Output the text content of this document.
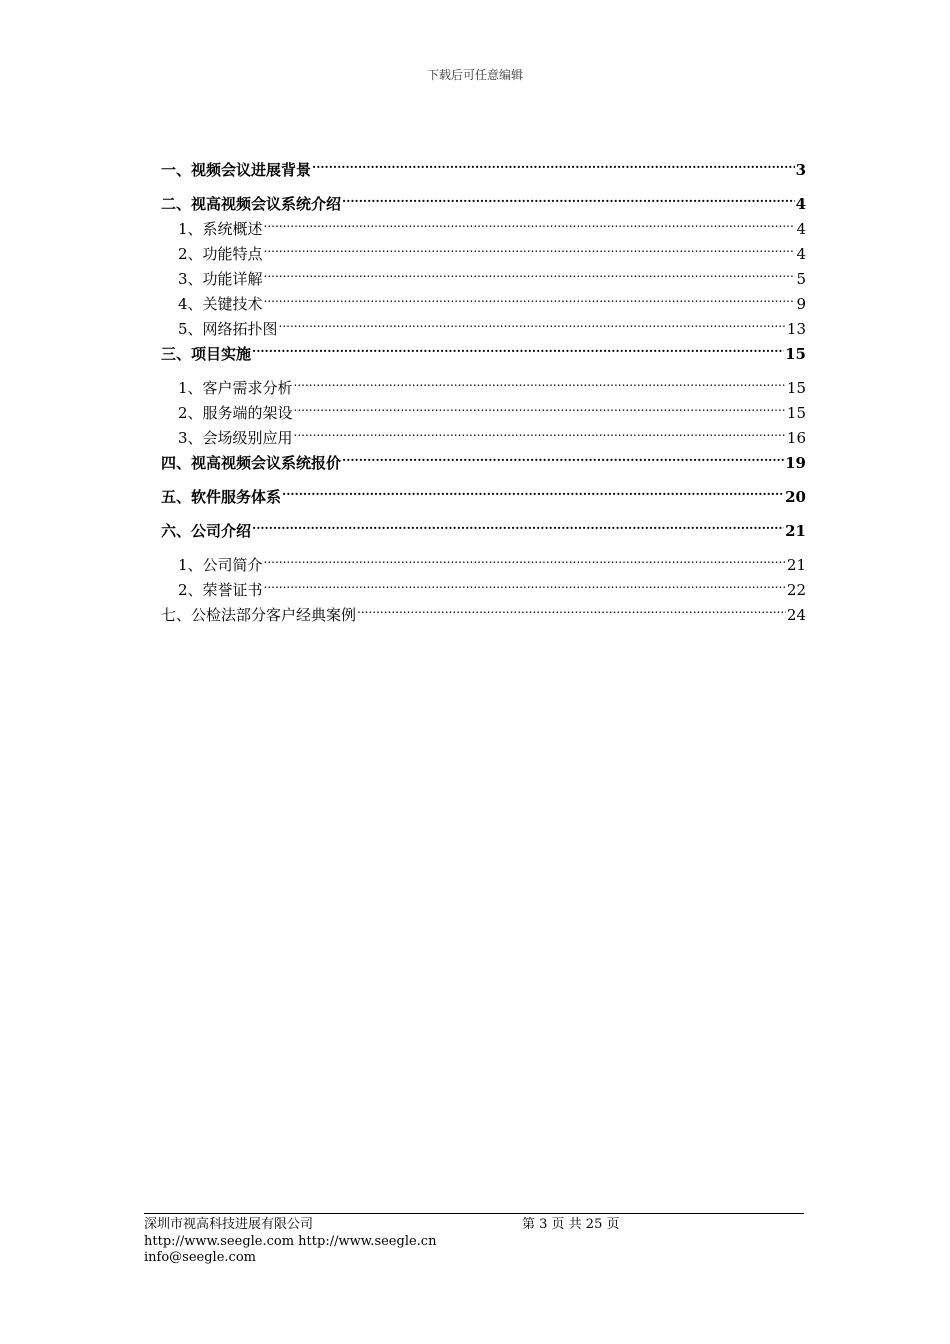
下载后可任意编辑
一、视频会议进展背景 .....	3
二、视高视频会议系统介绍 .....	4
1、系统概述 .....	4
2、功能特点 .....	4
3、功能详解 .....	5
4、关键技术 .....	9
5、网络拓扑图 .....	13
三、项目实施 .....	15
1、客户需求分析 .....	15
2、服务端的架设 .....	15
3、会场级别应用 .....	16
四、视高视频会议系统报价 .....	19
五、软件服务体系 .....	20
六、公司介绍 .....	21
1、公司简介 .....	21
2、荣誉证书 .....	22
七、公检法部分客户经典案例 .....	24
深圳市视高科技进展有限公司	第 3 页 共 25 页
http://www.seegle.com http://www.seegle.cn
info@seegle.com
